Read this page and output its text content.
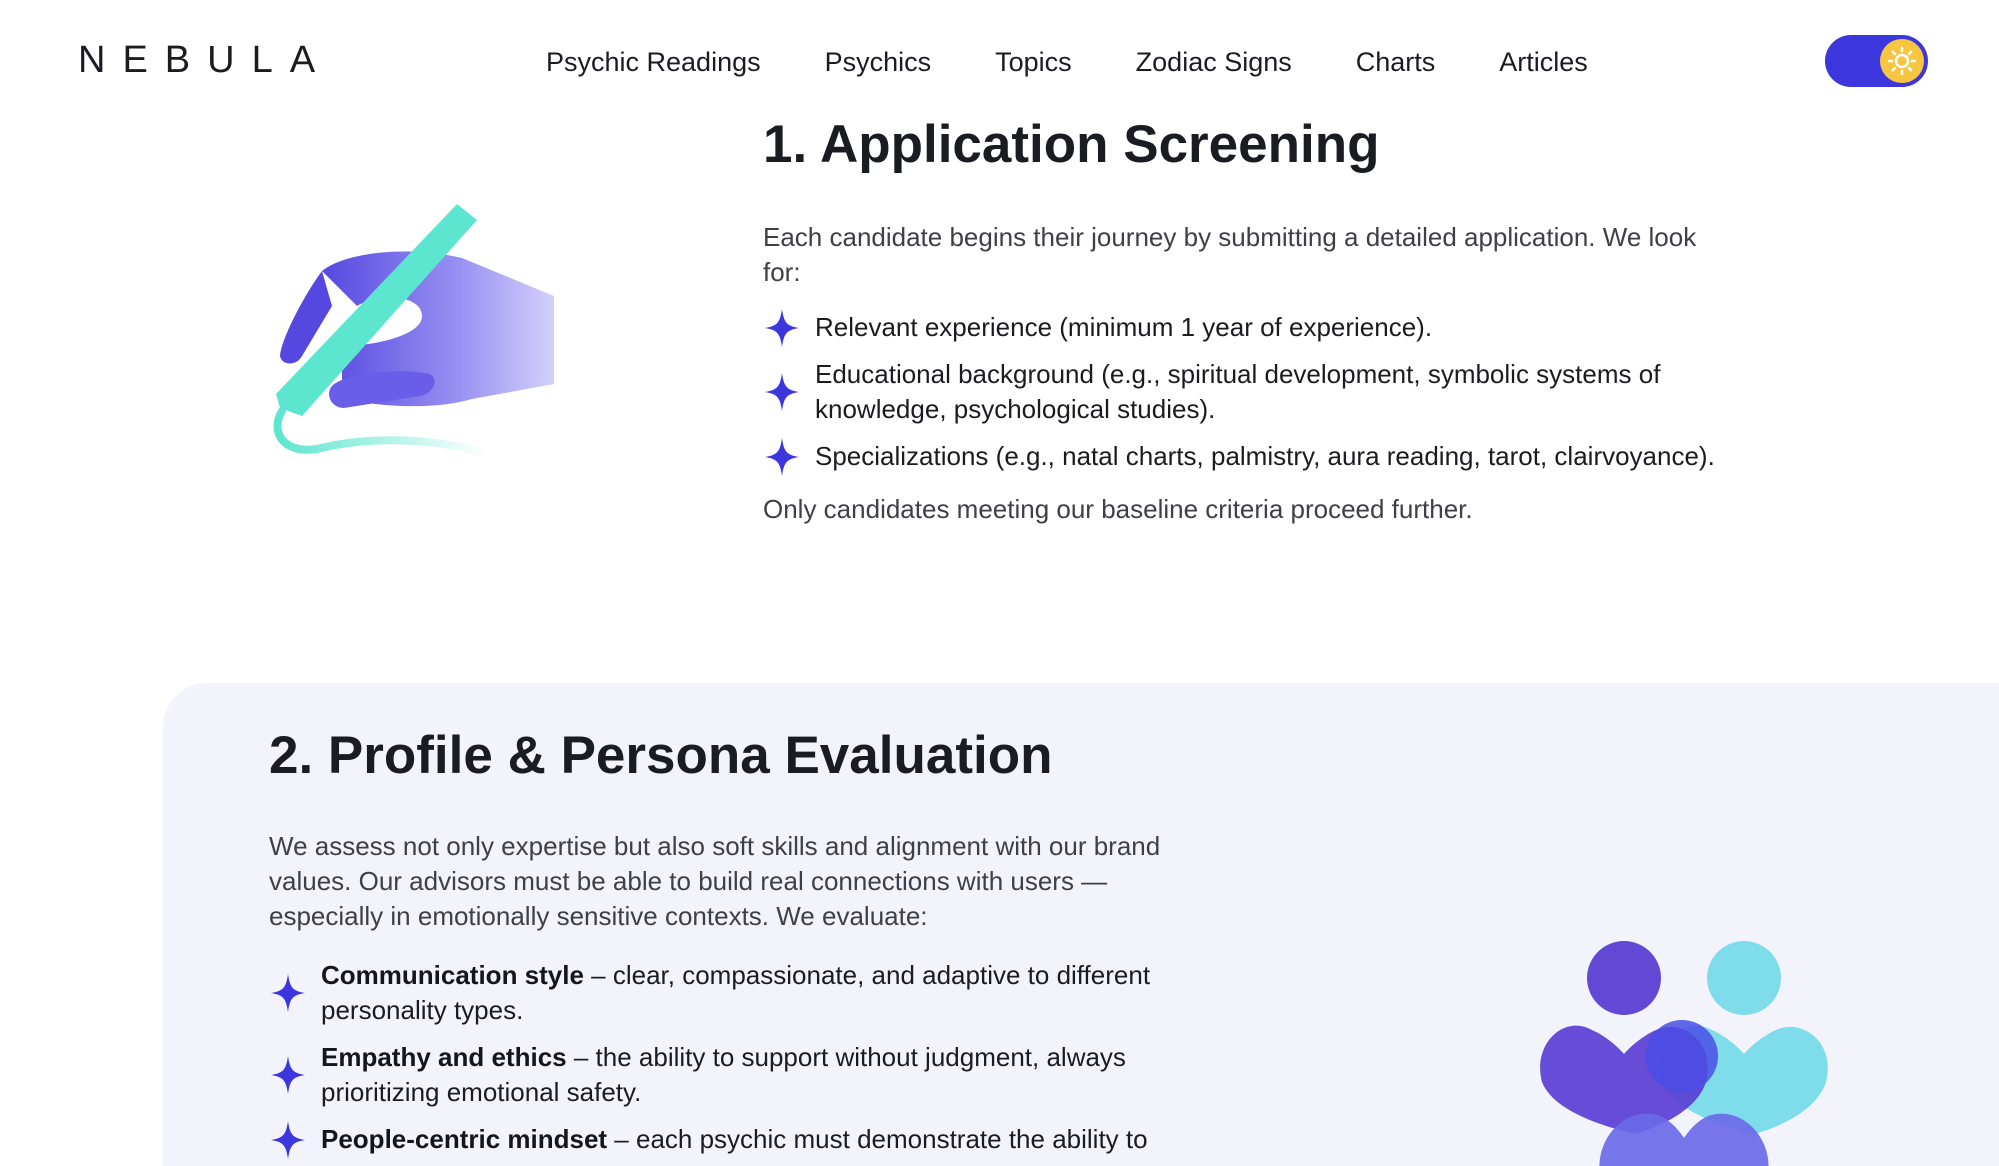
NEBULA	Psychic Readings Psychics Topics Zodiac Signs Charts Articles
1. Application Screening

Each candidate begins their journey by submitting a detailed application. We look for:

Relevant experience (minimum 1 year of experience).
Educational background (e.g., spiritual development, symbolic systems of knowledge, psychological studies).
Specializations (e.g., natal charts, palmistry, aura reading, tarot, clairvoyance).

Only candidates meeting our baseline criteria proceed further.

2. Profile & Persona Evaluation

We assess not only expertise but also soft skills and alignment with our brand values. Our advisors must be able to build real connections with users — especially in emotionally sensitive contexts. We evaluate:

Communication style – clear, compassionate, and adaptive to different personality types.
Empathy and ethics – the ability to support without judgment, always prioritizing emotional safety.
People-centric mindset – each psychic must demonstrate the ability to
